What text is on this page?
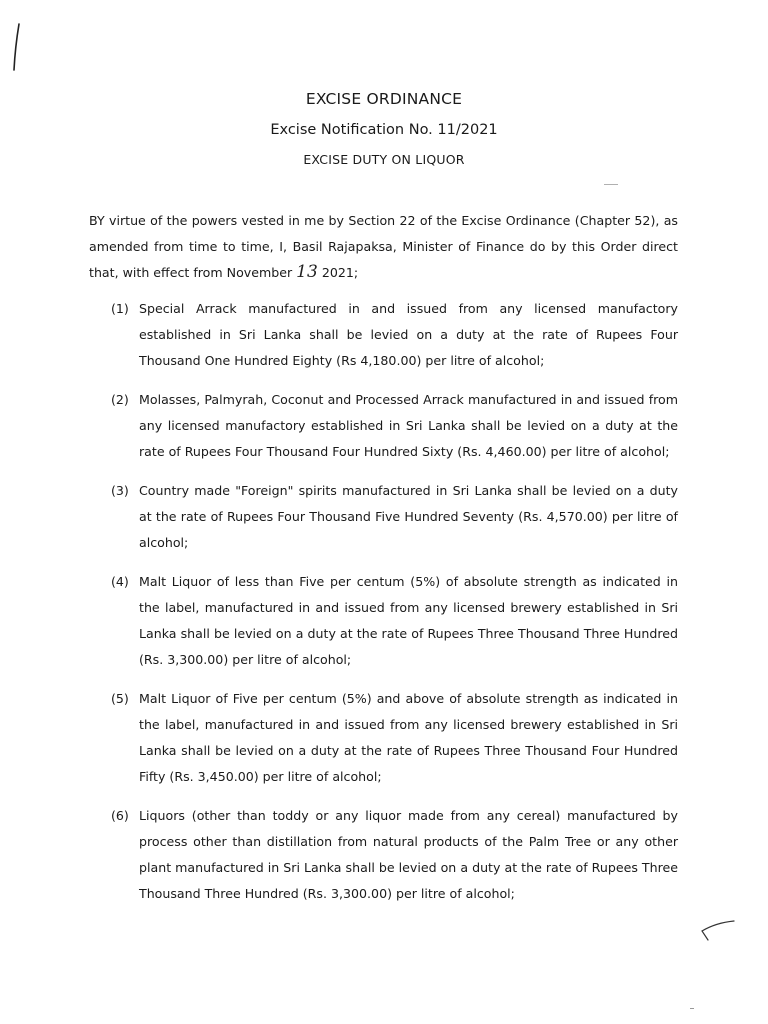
EXCISE ORDINANCE
Excise Notification No. 11/2021
EXCISE DUTY ON LIQUOR
BY virtue of the powers vested in me by Section 22 of the Excise Ordinance (Chapter 52), as amended from time to time, I, Basil Rajapaksa, Minister of Finance do by this Order direct that, with effect from November 13 2021;
(1) Special Arrack manufactured in and issued from any licensed manufactory established in Sri Lanka shall be levied on a duty at the rate of Rupees Four Thousand One Hundred Eighty (Rs 4,180.00) per litre of alcohol;
(2) Molasses, Palmyrah, Coconut and Processed Arrack manufactured in and issued from any licensed manufactory established in Sri Lanka shall be levied on a duty at the rate of Rupees Four Thousand Four Hundred Sixty (Rs. 4,460.00) per litre of alcohol;
(3) Country made "Foreign" spirits manufactured in Sri Lanka shall be levied on a duty at the rate of Rupees Four Thousand Five Hundred Seventy (Rs. 4,570.00) per litre of alcohol;
(4) Malt Liquor of less than Five per centum (5%) of absolute strength as indicated in the label, manufactured in and issued from any licensed brewery established in Sri Lanka shall be levied on a duty at the rate of Rupees Three Thousand Three Hundred (Rs. 3,300.00) per litre of alcohol;
(5) Malt Liquor of Five per centum (5%) and above of absolute strength as indicated in the label, manufactured in and issued from any licensed brewery established in Sri Lanka shall be levied on a duty at the rate of Rupees Three Thousand Four Hundred Fifty (Rs. 3,450.00) per litre of alcohol;
(6) Liquors (other than toddy or any liquor made from any cereal) manufactured by process other than distillation from natural products of the Palm Tree or any other plant manufactured in Sri Lanka shall be levied on a duty at the rate of Rupees Three Thousand Three Hundred (Rs. 3,300.00) per litre of alcohol;
